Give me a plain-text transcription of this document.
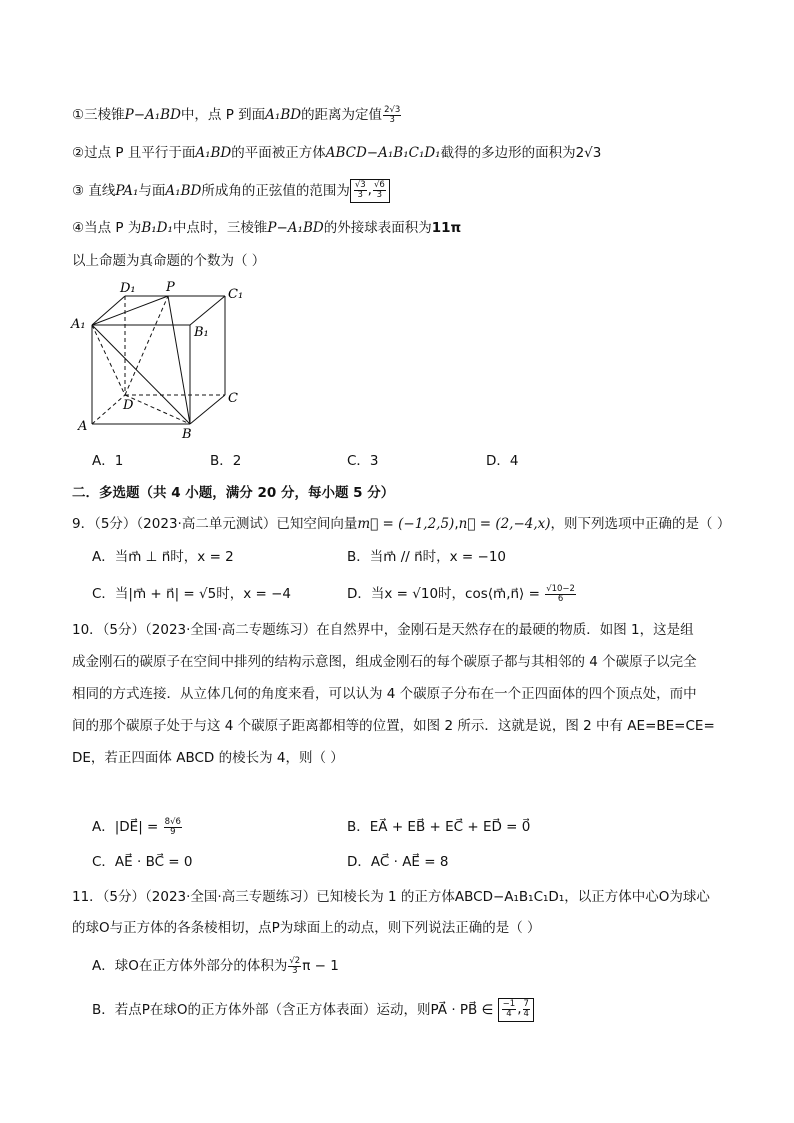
①三棱锥P−A₁BD中，点 P 到面A₁BD的距离为定值 $\frac{2√3}{3}$
②过点 P 且平行于面A₁BD的平面被正方体ABCD−A₁B₁C₁D₁截得的多边形的面积为2√3
③ 直线PA₁与面A₁BD所成角的正弦值的范围为 $\frac{√3}{3}$ , $\frac{√6}{3}$
④当点 P 为B₁D₁中点时，三棱锥P−A₁BD的外接球表面积为11π
以上命题为真命题的个数为（ ）
D₁ P	C₁
A₁
B₁
D	C
A
B
A．1	B．2	C．3	D．4
二．多选题（共 4 小题，满分 20 分，每小题 5 分）
9．（5分）（2023·高二单元测试）已知空间向量m⃗ = (−1,2,5),n⃗ = (2,−4,x)，则下列选项中正确的是（ ）
A．当m⃗ ⊥ n⃗时，x = 2	B．当m⃗ // n⃗时，x = −10
C．当|m⃗ + n⃗| = √5时，x = −4	D．当x = √10时，cos⟨m⃗,n⃗⟩ = $\frac{√10-2}{6}$
10．（5分）（2023·全国·高二专题练习）在自然界中，金刚石是天然存在的最硬的物质．如图 1，这是组
成金刚石的碳原子在空间中排列的结构示意图，组成金刚石的每个碳原子都与其相邻的 4 个碳原子以完全
相同的方式连接．从立体几何的角度来看，可以认为 4 个碳原子分布在一个正四面体的四个顶点处，而中
间的那个碳原子处于与这 4 个碳原子距离都相等的位置，如图 2 所示．这就是说，图 2 中有 AE=BE=CE=
DE，若正四面体 ABCD 的棱长为 4，则（ ）
A．|DE⃗| = $\frac{8√6}{9}$	B．EA⃗ + EB⃗ + EC⃗ + ED⃗ = 0⃗
C．AE⃗ · BC⃗ = 0	D．AC⃗ · AE⃗ = 8
11．（5分）（2023·全国·高三专题练习）已知棱长为 1 的正方体ABCD−A₁B₁C₁D₁，以正方体中心O为球心
的球O与正方体的各条棱相切，点P为球面上的动点，则下列说法正确的是（ ）
A．球O在正方体外部分的体积为 $\frac{√2}{3}$ π − 1
B．若点P在球O的正方体外部（含正方体表面）运动，则PA⃗ · PB⃗ ∈ $\frac{-1}{4}$ , $\frac{7}{4}$
